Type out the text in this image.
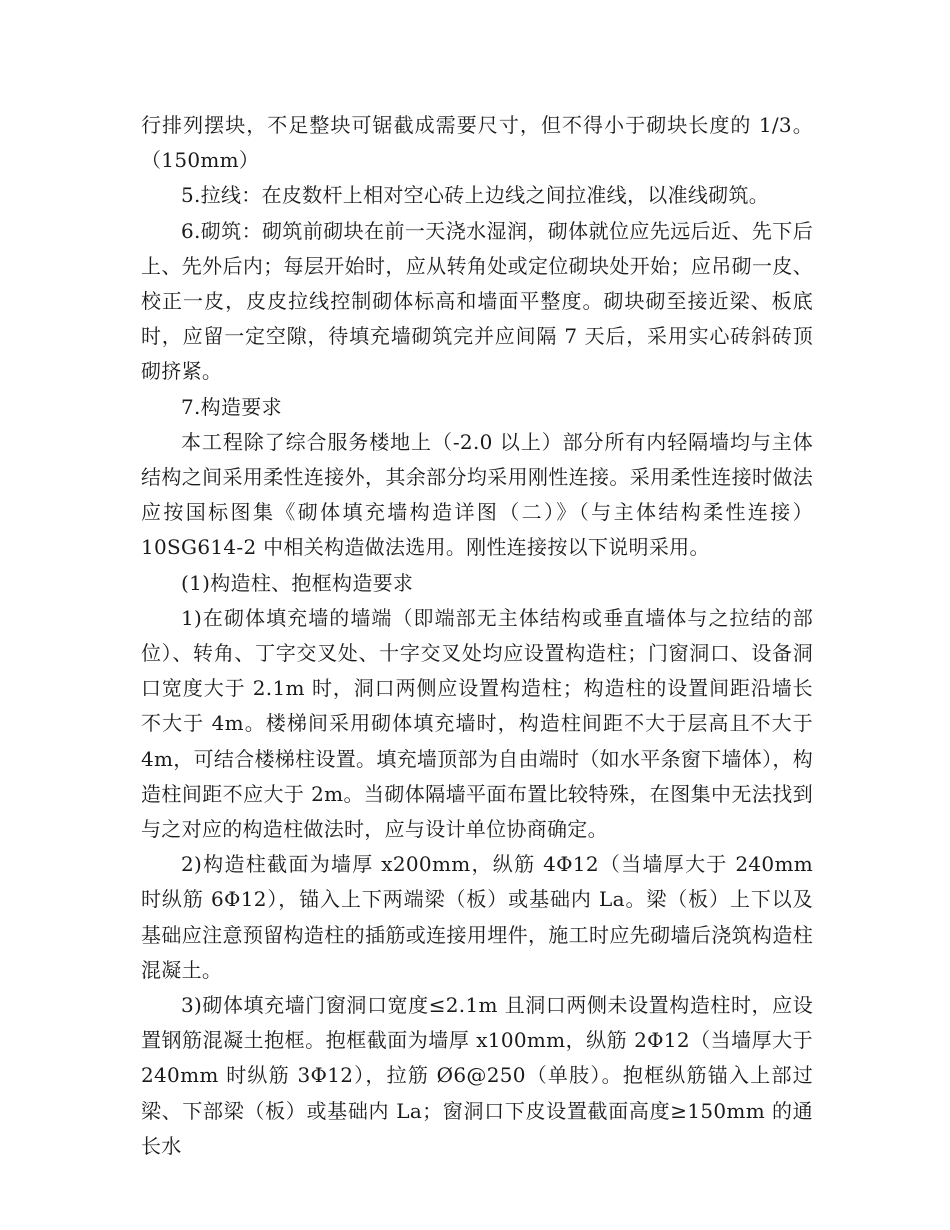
行排列摆块，不足整块可锯截成需要尺寸，但不得小于砌块长度的 1/3。（150mm）

5.拉线：在皮数杆上相对空心砖上边线之间拉准线，以准线砌筑。

6.砌筑：砌筑前砌块在前一天浇水湿润，砌体就位应先远后近、先下后上、先外后内；每层开始时，应从转角处或定位砌块处开始；应吊砌一皮、校正一皮，皮皮拉线控制砌体标高和墙面平整度。砌块砌至接近梁、板底时，应留一定空隙，待填充墙砌筑完并应间隔 7 天后，采用实心砖斜砖顶砌挤紧。

7.构造要求

本工程除了综合服务楼地上（-2.0 以上）部分所有内轻隔墙均与主体结构之间采用柔性连接外，其余部分均采用刚性连接。采用柔性连接时做法应按国标图集《砌体填充墙构造详图（二）》（与主体结构柔性连接）10SG614-2 中相关构造做法选用。刚性连接按以下说明采用。

(1)构造柱、抱框构造要求

1)在砌体填充墙的墙端（即端部无主体结构或垂直墙体与之拉结的部位）、转角、丁字交叉处、十字交叉处均应设置构造柱；门窗洞口、设备洞口宽度大于 2.1m 时，洞口两侧应设置构造柱；构造柱的设置间距沿墙长不大于 4m。楼梯间采用砌体填充墙时，构造柱间距不大于层高且不大于 4m，可结合楼梯柱设置。填充墙顶部为自由端时（如水平条窗下墙体），构造柱间距不应大于 2m。当砌体隔墙平面布置比较特殊，在图集中无法找到与之对应的构造柱做法时，应与设计单位协商确定。

2)构造柱截面为墙厚 x200mm，纵筋 4Φ12（当墙厚大于 240mm 时纵筋 6Φ12），锚入上下两端梁（板）或基础内 La。梁（板）上下以及基础应注意预留构造柱的插筋或连接用埋件，施工时应先砌墙后浇筑构造柱混凝土。

3)砌体填充墙门窗洞口宽度≤2.1m 且洞口两侧未设置构造柱时，应设置钢筋混凝土抱框。抱框截面为墙厚 x100mm，纵筋 2Φ12（当墙厚大于 240mm 时纵筋 3Φ12），拉筋 Ø6@250（单肢）。抱框纵筋锚入上部过梁、下部梁（板）或基础内 La；窗洞口下皮设置截面高度≥150mm 的通长水
